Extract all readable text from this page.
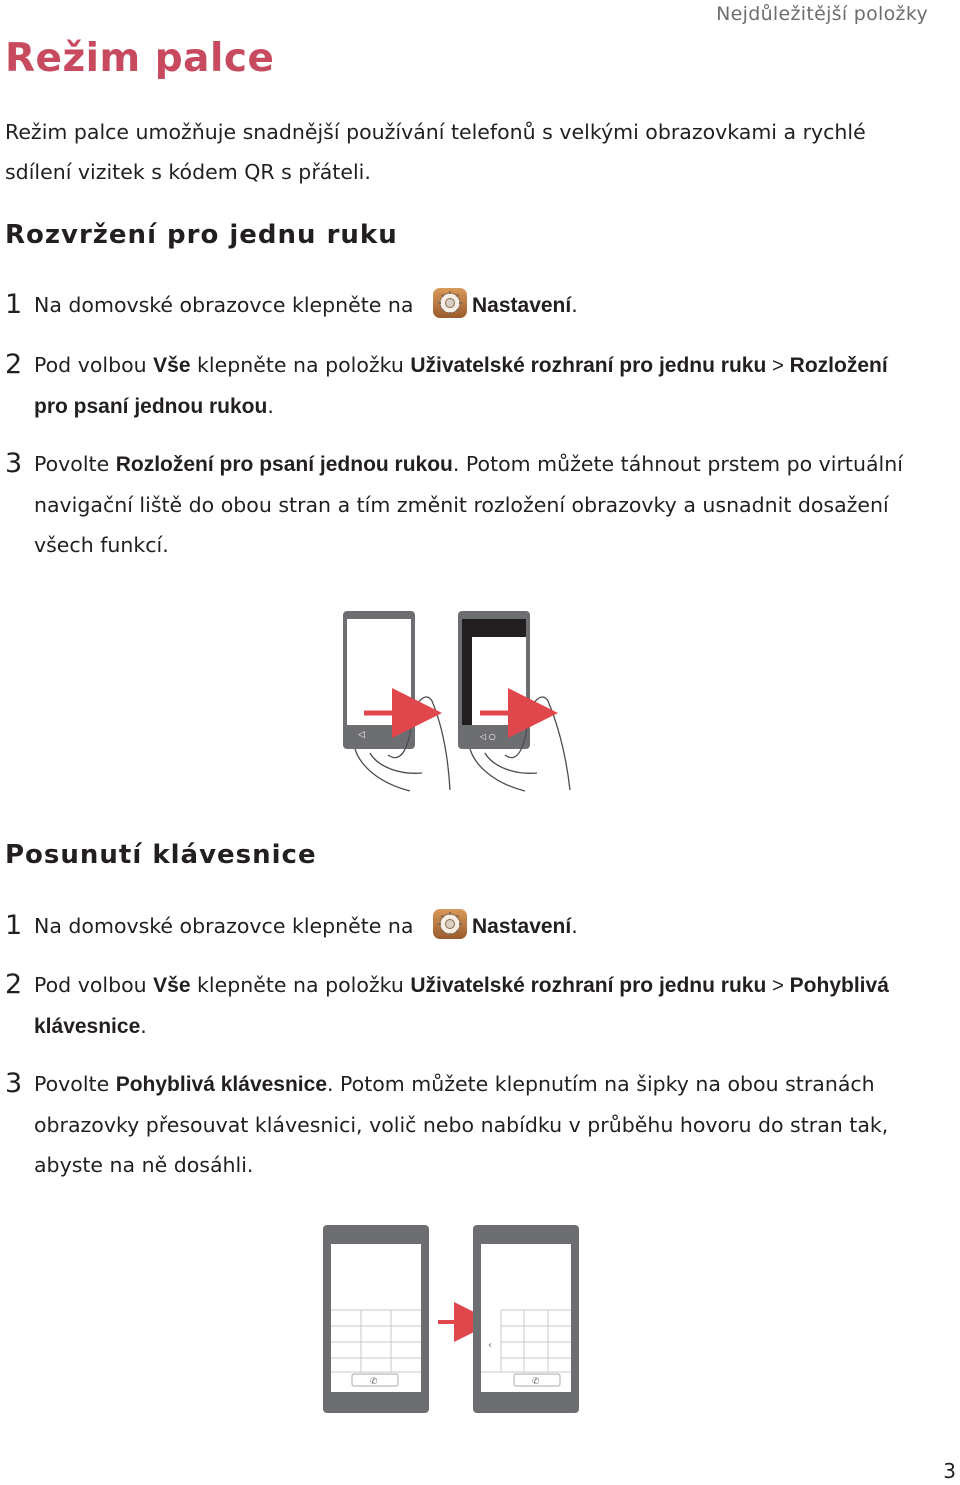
Nejdůležitější položky
Režim palce

Režim palce umožňuje snadnější používání telefonů s velkými obrazovkami a rychlé sdílení vizitek s kódem QR s přáteli.

Rozvržení pro jednu ruku
1 Na domovské obrazovce klepněte na	Nastavení.
2 Pod volbou Vše klepněte na položku Uživatelské rozhraní pro jednu ruku > Rozložení pro psaní jednou rukou.
3 Povolte Rozložení pro psaní jednou rukou. Potom můžete táhnout prstem po virtuální navigační liště do obou stran a tím změnit rozložení obrazovky a usnadnit dosažení všech funkcí.
◁	◁ ○
Posunutí klávesnice
1 Na domovské obrazovce klepněte na	Nastavení.
2 Pod volbou Vše klepněte na položku Uživatelské rozhraní pro jednu ruku > Pohyblivá klávesnice.
3 Povolte Pohyblivá klávesnice. Potom můžete klepnutím na šipky na obou stranách obrazovky přesouvat klávesnici, volič nebo nabídku v průběhu hovoru do stran tak, abyste na ně dosáhli.
✆
‹
✆
3
